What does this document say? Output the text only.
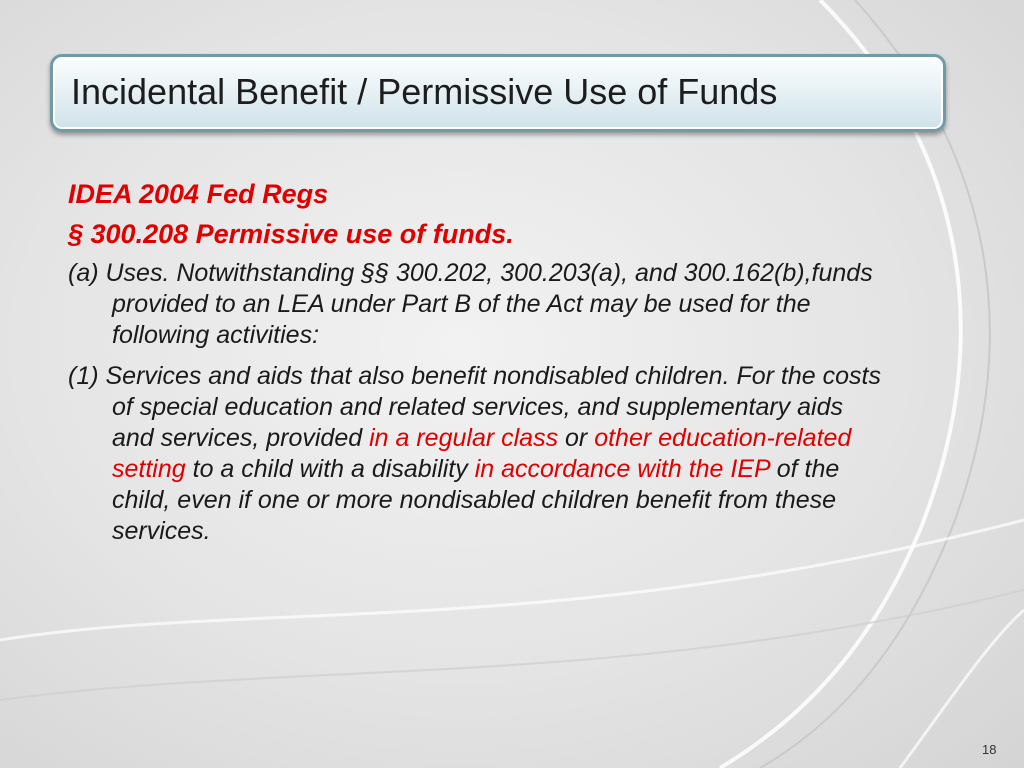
Incidental Benefit / Permissive Use of Funds
IDEA 2004 Fed Regs
§ 300.208 Permissive use of funds.
(a) Uses. Notwithstanding §§ 300.202, 300.203(a), and 300.162(b),funds provided to an LEA under Part B of the Act may be used for the following activities:
(1) Services and aids that also benefit nondisabled children. For the costs of special education and related services, and supplementary aids and services, provided in a regular class or other education-related setting to a child with a disability in accordance with the IEP of the child, even if one or more nondisabled children benefit from these services.
18
